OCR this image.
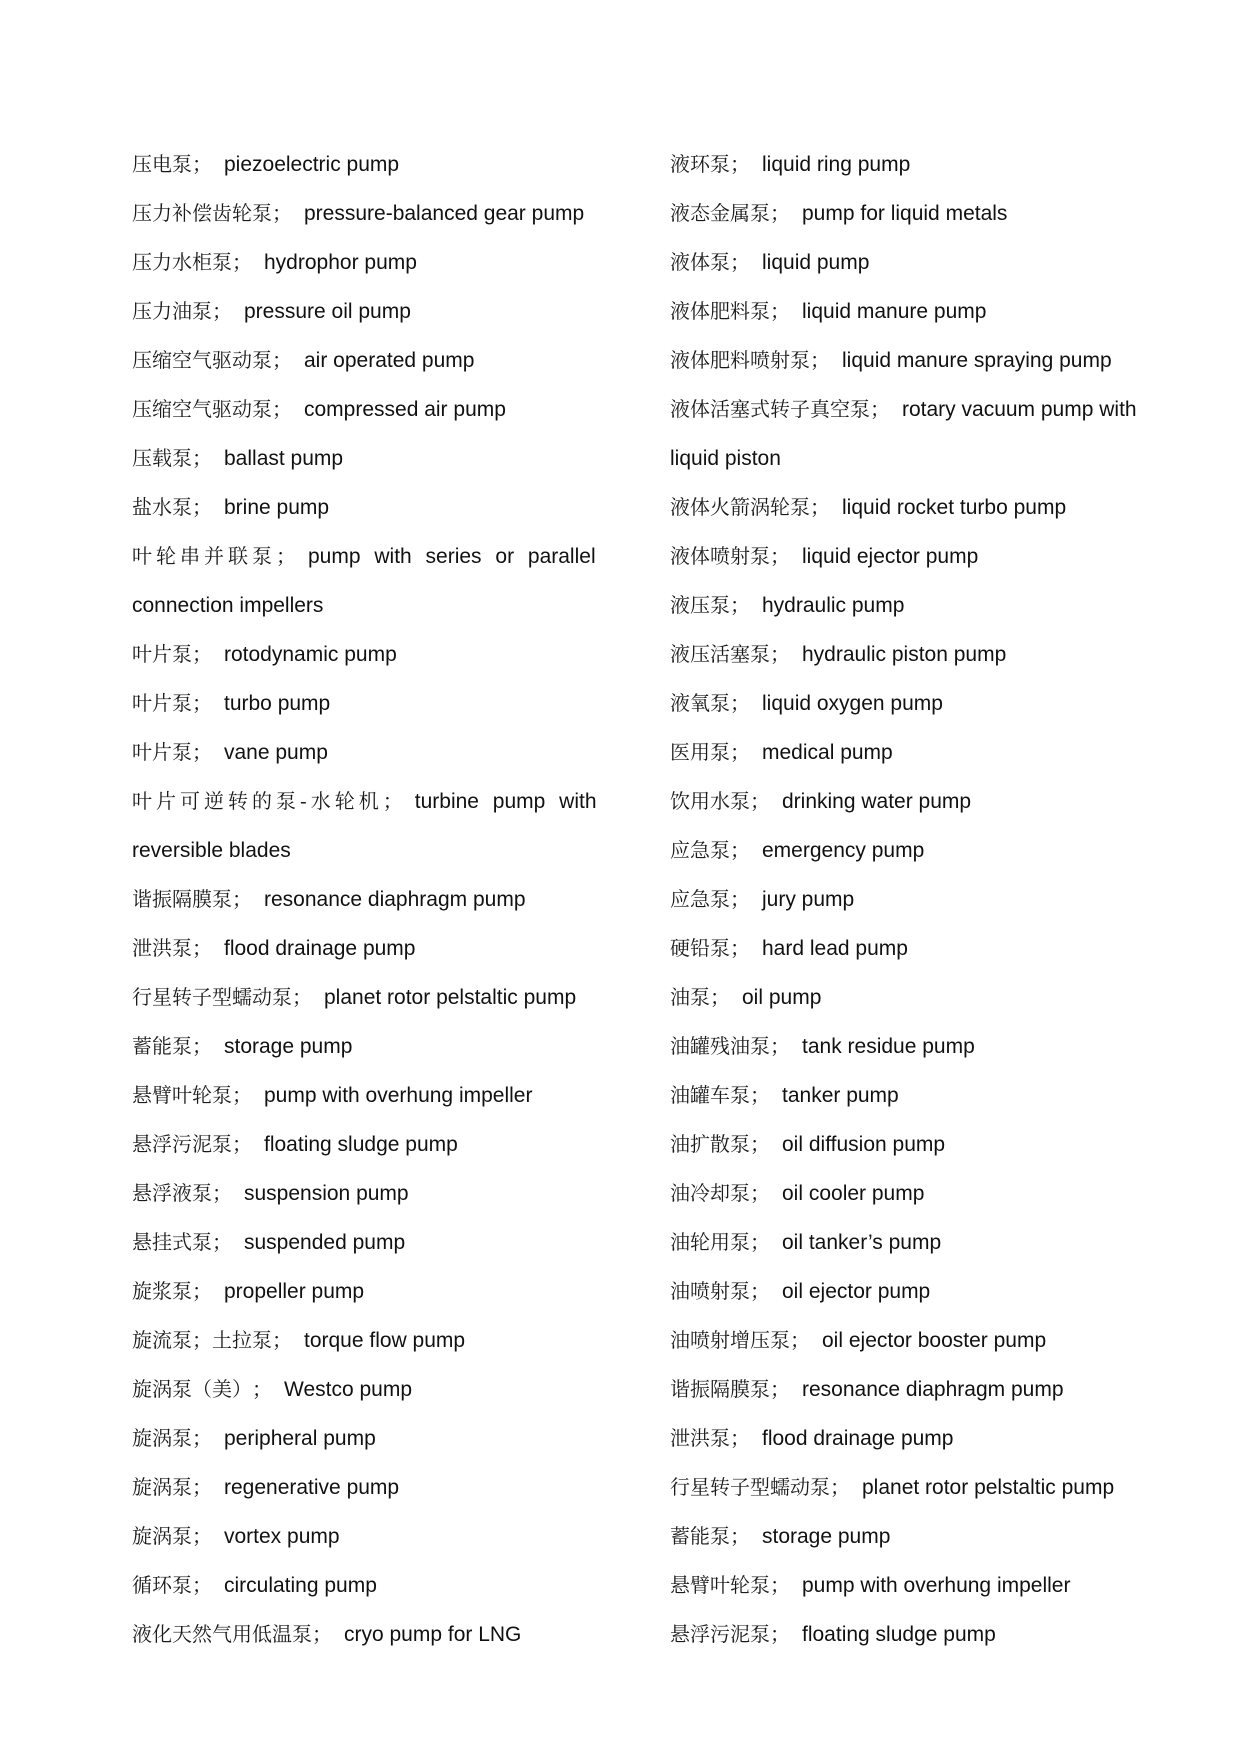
压电泵； piezoelectric pump
压力补偿齿轮泵； pressure-balanced gear pump
压力水柜泵； hydrophor pump
压力油泵； pressure oil pump
压缩空气驱动泵； air operated pump
压缩空气驱动泵； compressed air pump
压载泵； ballast pump
盐水泵； brine pump
叶轮串并联泵； pump with series or parallel
connection impellers
叶片泵； rotodynamic pump
叶片泵； turbo pump
叶片泵； vane pump
叶片可逆转的泵-水轮机； turbine pump with
reversible blades
谐振隔膜泵； resonance diaphragm pump
泄洪泵； flood drainage pump
行星转子型蠕动泵； planet rotor pelstaltic pump
蓄能泵； storage pump
悬臂叶轮泵； pump with overhung impeller
悬浮污泥泵； floating sludge pump
悬浮液泵； suspension pump
悬挂式泵； suspended pump
旋浆泵； propeller pump
旋流泵；土拉泵； torque flow pump
旋涡泵（美）； Westco pump
旋涡泵； peripheral pump
旋涡泵； regenerative pump
旋涡泵； vortex pump
循环泵； circulating pump
液化天然气用低温泵； cryo pump for LNG
液环泵； liquid ring pump
液态金属泵； pump for liquid metals
液体泵； liquid pump
液体肥料泵； liquid manure pump
液体肥料喷射泵； liquid manure spraying pump
液体活塞式转子真空泵； rotary vacuum pump with
liquid piston
液体火箭涡轮泵； liquid rocket turbo pump
液体喷射泵； liquid ejector pump
液压泵； hydraulic pump
液压活塞泵； hydraulic piston pump
液氧泵； liquid oxygen pump
医用泵； medical pump
饮用水泵； drinking water pump
应急泵； emergency pump
应急泵； jury pump
硬铅泵； hard lead pump
油泵； oil pump
油罐残油泵； tank residue pump
油罐车泵； tanker pump
油扩散泵； oil diffusion pump
油冷却泵； oil cooler pump
油轮用泵； oil tanker’s pump
油喷射泵； oil ejector pump
油喷射增压泵； oil ejector booster pump
谐振隔膜泵； resonance diaphragm pump
泄洪泵； flood drainage pump
行星转子型蠕动泵； planet rotor pelstaltic pump
蓄能泵； storage pump
悬臂叶轮泵； pump with overhung impeller
悬浮污泥泵； floating sludge pump
